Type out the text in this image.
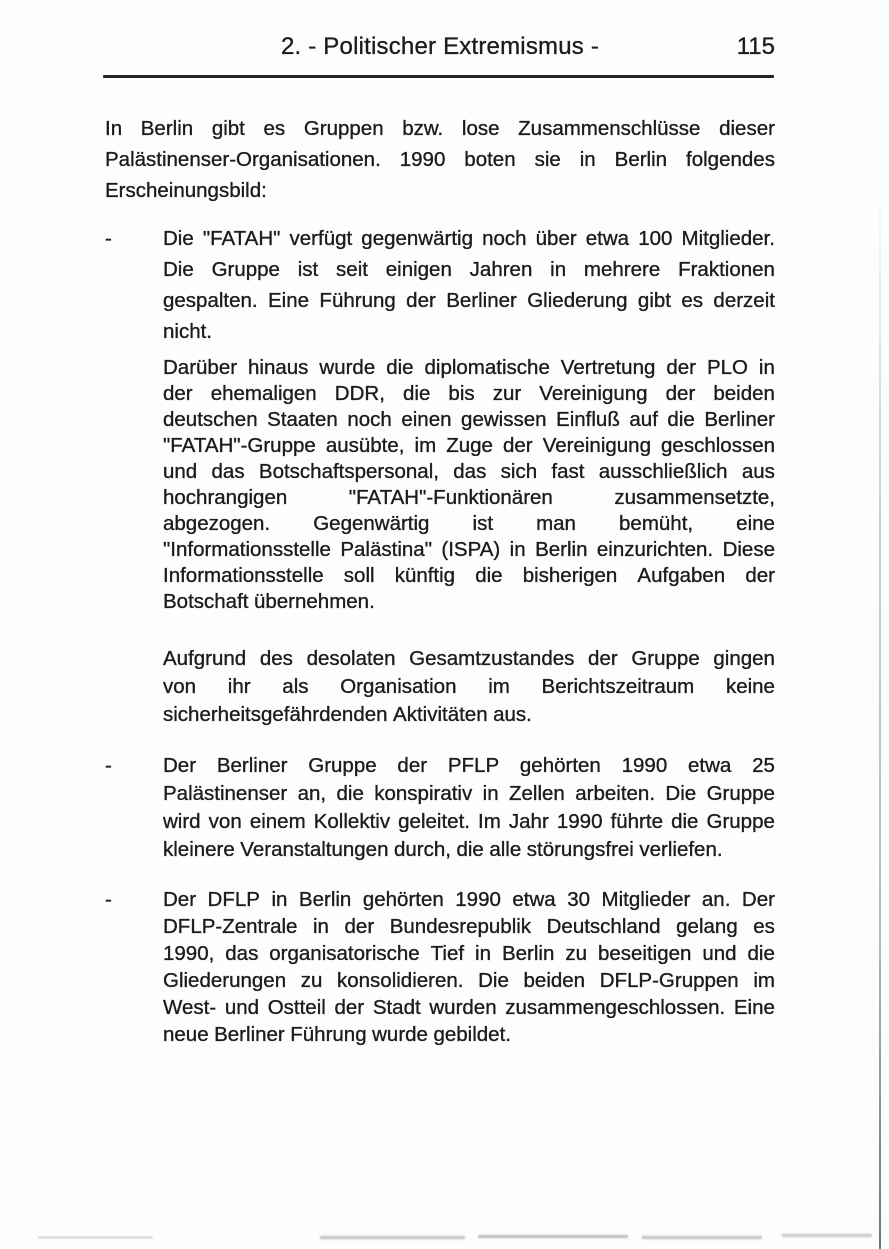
2. - Politischer Extremismus -	115
In Berlin gibt es Gruppen bzw. lose Zusammenschlüsse dieser
Palästinenser-Organisationen. 1990 boten sie in Berlin folgendes
Erscheinungsbild:
- Die "FATAH" verfügt gegenwärtig noch über etwa 100 Mitglieder.
Die Gruppe ist seit einigen Jahren in mehrere Fraktionen
gespalten. Eine Führung der Berliner Gliederung gibt es derzeit
nicht.
Darüber hinaus wurde die diplomatische Vertretung der PLO in
der ehemaligen DDR, die bis zur Vereinigung der beiden
deutschen Staaten noch einen gewissen Einfluß auf die Berliner
"FATAH"-Gruppe ausübte, im Zuge der Vereinigung geschlossen
und das Botschaftspersonal, das sich fast ausschließlich aus
hochrangigen	"FATAH"-Funktionären	zusammensetzte,
abgezogen. Gegenwärtig ist man bemüht, eine
"Informationsstelle Palästina" (ISPA) in Berlin einzurichten. Diese
Informationsstelle soll künftig die bisherigen Aufgaben der
Botschaft übernehmen.
Aufgrund des desolaten Gesamtzustandes der Gruppe gingen
von ihr als Organisation im Berichtszeitraum keine
sicherheitsgefährdenden Aktivitäten aus.
- Der Berliner Gruppe der PFLP gehörten 1990 etwa 25
Palästinenser an, die konspirativ in Zellen arbeiten. Die Gruppe
wird von einem Kollektiv geleitet. Im Jahr 1990 führte die Gruppe
kleinere Veranstaltungen durch, die alle störungsfrei verliefen.
- Der DFLP in Berlin gehörten 1990 etwa 30 Mitglieder an. Der
DFLP-Zentrale in der Bundesrepublik Deutschland gelang es
1990, das organisatorische Tief in Berlin zu beseitigen und die
Gliederungen zu konsolidieren. Die beiden DFLP-Gruppen im
West- und Ostteil der Stadt wurden zusammengeschlossen. Eine
neue Berliner Führung wurde gebildet.
